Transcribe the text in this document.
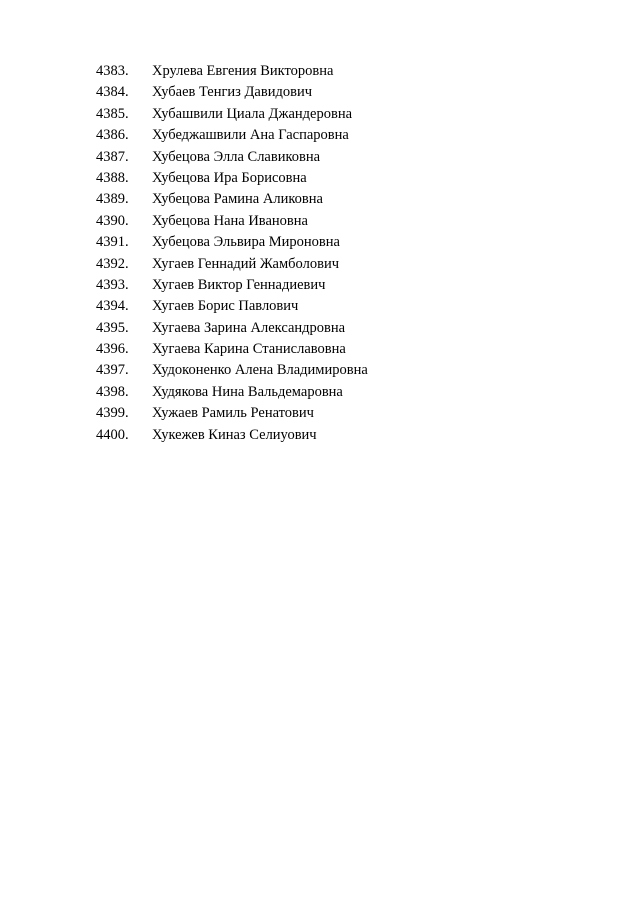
4383.	Хрулева Евгения Викторовна
4384.	Хубаев Тенгиз Давидович
4385.	Хубашвили Циала Джандеровна
4386.	Хубеджашвили Ана Гаспаровна
4387.	Хубецова Элла Славиковна
4388.	Хубецова Ира Борисовна
4389.	Хубецова Рамина Аликовна
4390.	Хубецова Нана Ивановна
4391.	Хубецова Эльвира Мироновна
4392.	Хугаев Геннадий Жамболович
4393.	Хугаев Виктор Геннадиевич
4394.	Хугаев Борис Павлович
4395.	Хугаева Зарина Александровна
4396.	Хугаева Карина Станиславовна
4397.	Худоконенко Алена Владимировна
4398.	Худякова Нина Вальдемаровна
4399.	Хужаев Рамиль Ренатович
4400.	Хукежев Киназ Селиуович
